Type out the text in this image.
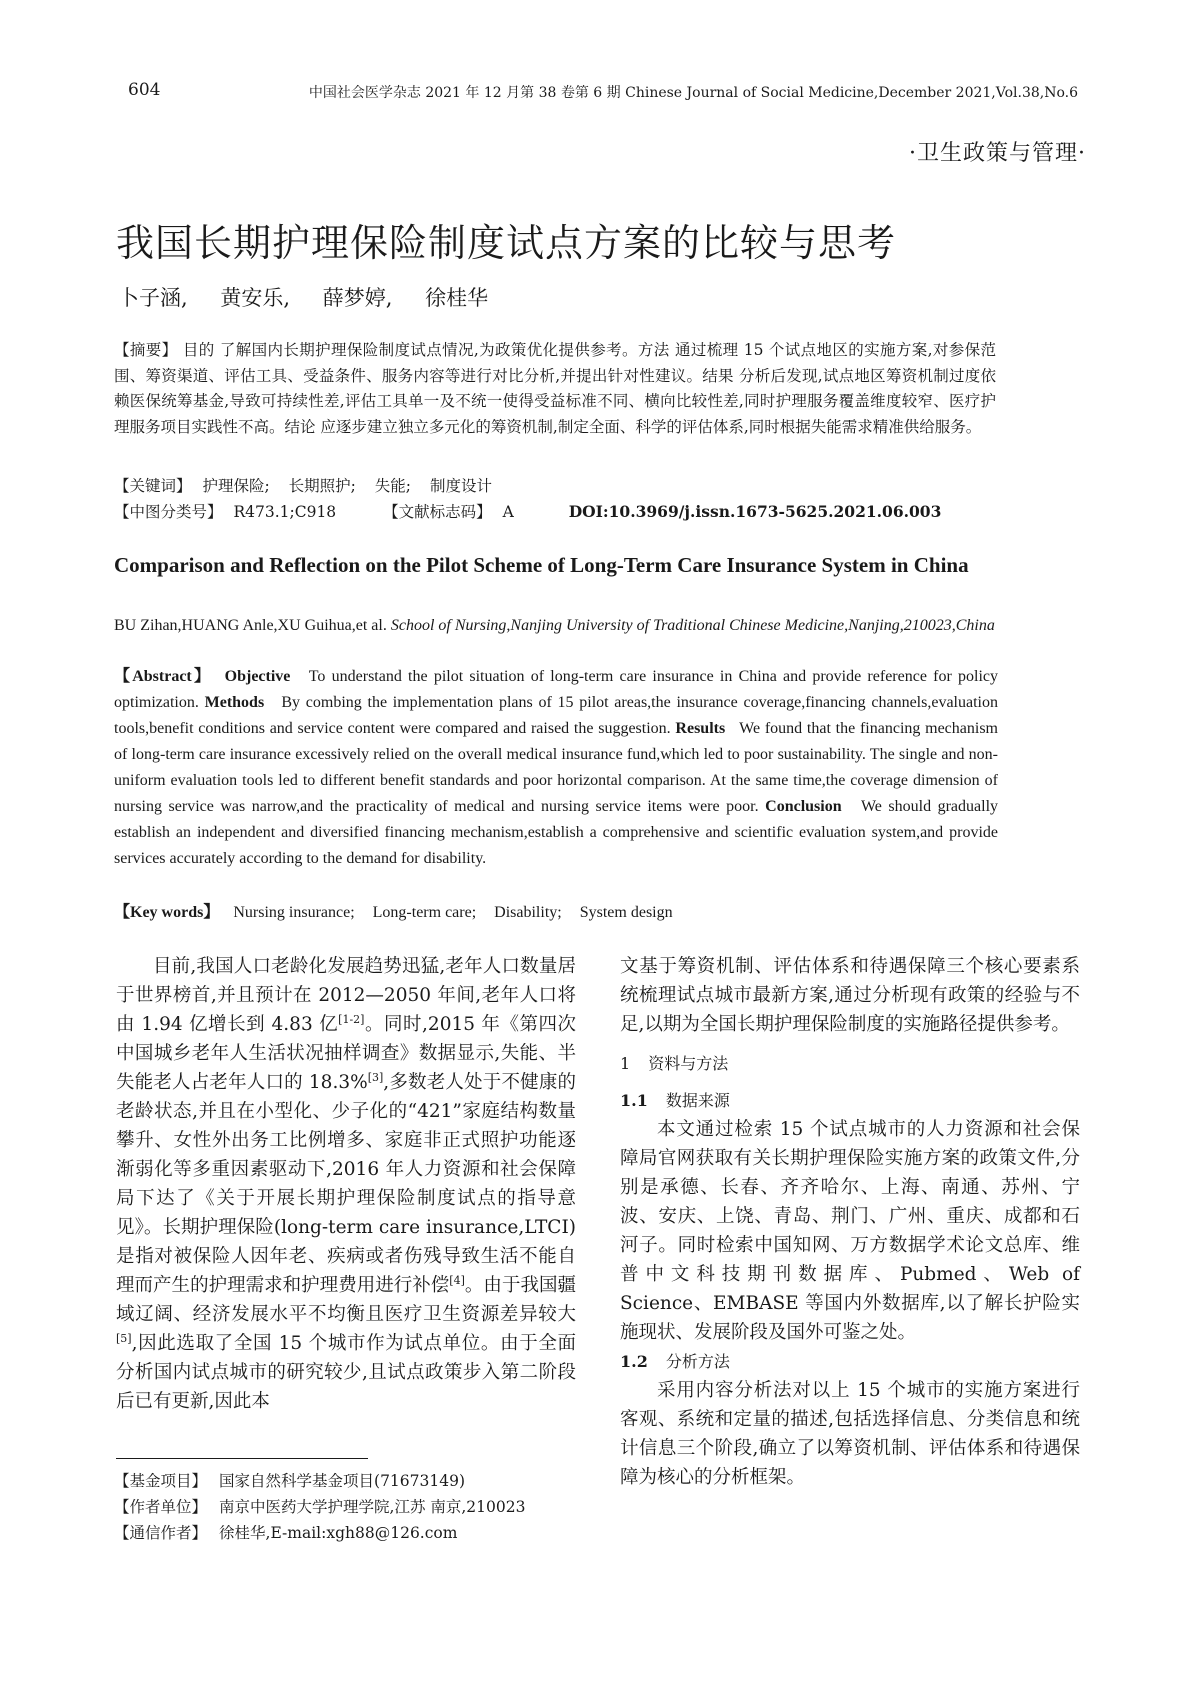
604	中国社会医学杂志 2021 年 12 月第 38 卷第 6 期 Chinese Journal of Social Medicine,December 2021,Vol.38,No.6
·卫生政策与管理·
我国长期护理保险制度试点方案的比较与思考
卜子涵, 黄安乐, 薛梦婷, 徐桂华
【摘要】 目的 了解国内长期护理保险制度试点情况,为政策优化提供参考。方法 通过梳理 15 个试点地区的实施方案,对参保范围、筹资渠道、评估工具、受益条件、服务内容等进行对比分析,并提出针对性建议。结果 分析后发现,试点地区筹资机制过度依赖医保统筹基金,导致可持续性差,评估工具单一及不统一使得受益标准不同、横向比较性差,同时护理服务覆盖维度较窄、医疗护理服务项目实践性不高。结论 应逐步建立独立多元化的筹资机制,制定全面、科学的评估体系,同时根据失能需求精准供给服务。
【关键词】 护理保险; 长期照护; 失能; 制度设计
【中图分类号】 R473.1;C918	【文献标志码】 A	DOI:10.3969/j.issn.1673-5625.2021.06.003
Comparison and Reflection on the Pilot Scheme of Long-Term Care Insurance System in China
BU Zihan,HUANG Anle,XU Guihua,et al. School of Nursing,Nanjing University of Traditional Chinese Medicine,Nanjing,210023,China
【Abstract】 Objective To understand the pilot situation of long-term care insurance in China and provide reference for policy optimization. Methods By combing the implementation plans of 15 pilot areas,the insurance coverage,financing channels,evaluation tools,benefit conditions and service content were compared and raised the suggestion. Results We found that the financing mechanism of long-term care insurance excessively relied on the overall medical insurance fund,which led to poor sustainability. The single and non-uniform evaluation tools led to different benefit standards and poor horizontal comparison. At the same time,the coverage dimension of nursing service was narrow,and the practicality of medical and nursing service items were poor. Conclusion We should gradually establish an independent and diversified financing mechanism,establish a comprehensive and scientific evaluation system,and provide services accurately according to the demand for disability.
【Key words】 Nursing insurance; Long-term care; Disability; System design

目前,我国人口老龄化发展趋势迅猛,老年人口数量居于世界榜首,并且预计在 2012—2050 年间,老年人口将由 1.94 亿增长到 4.83 亿[1-2]。同时,2015 年《第四次中国城乡老年人生活状况抽样调查》数据显示,失能、半失能老人占老年人口的 18.3%[3],多数老人处于不健康的老龄状态,并且在小型化、少子化的“421”家庭结构数量攀升、女性外出务工比例增多、家庭非正式照护功能逐渐弱化等多重因素驱动下,2016 年人力资源和社会保障局下达了《关于开展长期护理保险制度试点的指导意见》。长期护理保险(long-term care insurance,LTCI)是指对被保险人因年老、疾病或者伤残导致生活不能自理而产生的护理需求和护理费用进行补偿[4]。由于我国疆域辽阔、经济发展水平不均衡且医疗卫生资源差异较大[5],因此选取了全国 15 个城市作为试点单位。由于全面分析国内试点城市的研究较少,且试点政策步入第二阶段后已有更新,因此本

文基于筹资机制、评估体系和待遇保障三个核心要素系统梳理试点城市最新方案,通过分析现有政策的经验与不足,以期为全国长期护理保险制度的实施路径提供参考。

1 资料与方法
1.1 数据来源

本文通过检索 15 个试点城市的人力资源和社会保障局官网获取有关长期护理保险实施方案的政策文件,分别是承德、长春、齐齐哈尔、上海、南通、苏州、宁波、安庆、上饶、青岛、荆门、广州、重庆、成都和石河子。同时检索中国知网、万方数据学术论文总库、维普中文科技期刊数据库、Pubmed、Web of Science、EMBASE 等国内外数据库,以了解长护险实施现状、发展阶段及国外可鉴之处。

1.2 分析方法

采用内容分析法对以上 15 个城市的实施方案进行客观、系统和定量的描述,包括选择信息、分类信息和统计信息三个阶段,确立了以筹资机制、评估体系和待遇保障为核心的分析框架。

【基金项目】 国家自然科学基金项目(71673149)
【作者单位】 南京中医药大学护理学院,江苏 南京,210023
【通信作者】 徐桂华,E-mail:xgh88@126.com
